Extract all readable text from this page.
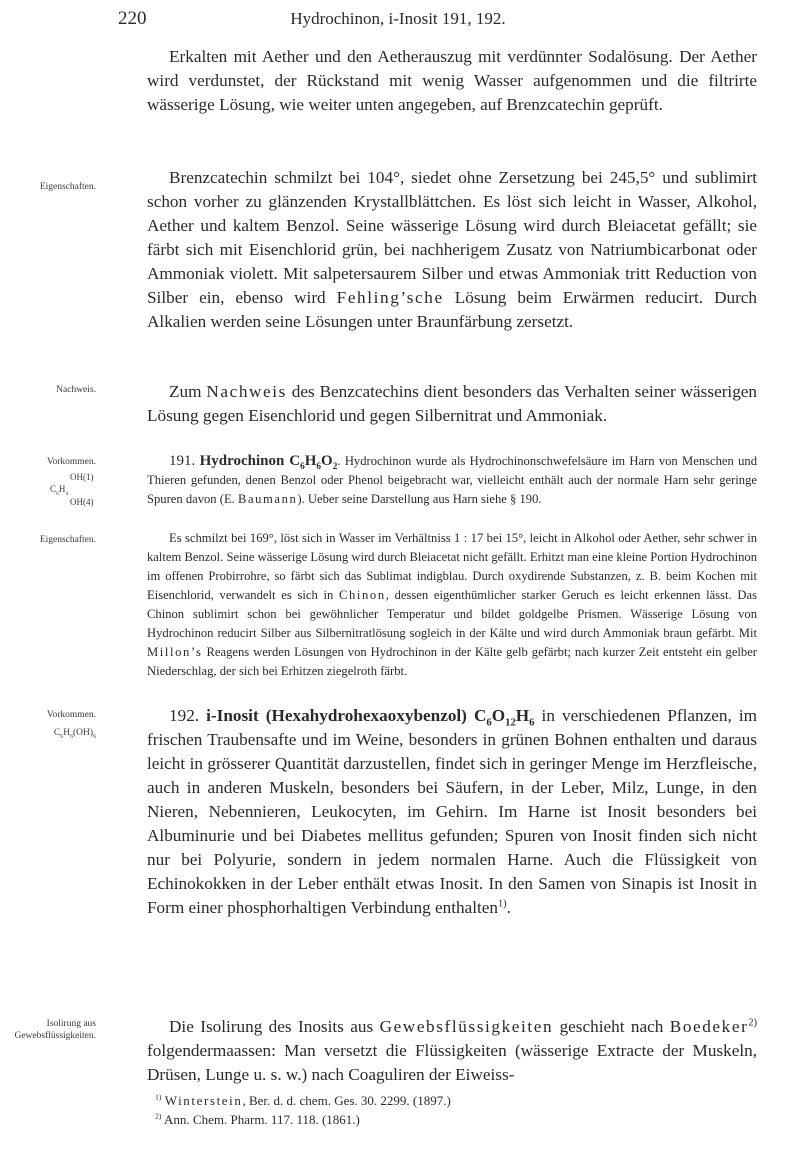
220	Hydrochinon, i-Inosit 191, 192.
Erkalten mit Aether und den Aetherauszug mit verdünnter Sodalösung. Der Aether wird verdunstet, der Rückstand mit wenig Wasser aufgenommen und die filtrirte wässerige Lösung, wie weiter unten angegeben, auf Brenzcatechin geprüft.
Eigenschaften.	Brenzcatechin schmilzt bei 104°, siedet ohne Zersetzung bei 245,5° und sublimirt schon vorher zu glänzenden Krystallblättchen. Es löst sich leicht in Wasser, Alkohol, Aether und kaltem Benzol. Seine wässerige Lösung wird durch Bleiacetat gefällt; sie färbt sich mit Eisenchlorid grün, bei nachherigem Zusatz von Natriumbicarbonat oder Ammoniak violett. Mit salpetersaurem Silber und etwas Ammoniak tritt Reduction von Silber ein, ebenso wird Fehling’sche Lösung beim Erwärmen reducirt. Durch Alkalien werden seine Lösungen unter Braunfärbung zersetzt.
Nachweis.	Zum Nachweis des Benzcatechins dient besonders das Verhalten seiner wässerigen Lösung gegen Eisenchlorid und gegen Silbernitrat und Ammoniak.
Vorkommen.
OH(1)
$C_6H_4$
OH(4)
191. Hydrochinon $C_6H_6O_2$. Hydrochinon wurde als Hydrochinonschwefelsäure im Harn von Menschen und Thieren gefunden, denen Benzol oder Phenol beigebracht war, vielleicht enthält auch der normale Harn sehr geringe Spuren davon (E. Baumann). Ueber seine Darstellung aus Harn siehe § 190.
Eigenschaften.	Es schmilzt bei 169°, löst sich in Wasser im Verhältniss 1 : 17 bei 15°, leicht in Alkohol oder Aether, sehr schwer in kaltem Benzol. Seine wässerige Lösung wird durch Bleiacetat nicht gefällt. Erhitzt man eine kleine Portion Hydrochinon im offenen Probirrohre, so färbt sich das Sublimat indigblau. Durch oxydirende Substanzen, z. B. beim Kochen mit Eisenchlorid, verwandelt es sich in Chinon, dessen eigenthümlicher starker Geruch es leicht erkennen lässt. Das Chinon sublimirt schon bei gewöhnlicher Temperatur und bildet goldgelbe Prismen. Wässerige Lösung von Hydrochinon reducirt Silber aus Silbernitratlösung sogleich in der Kälte und wird durch Ammoniak braun gefärbt. Mit Millon’s Reagens werden Lösungen von Hydrochinon in der Kälte gelb gefärbt; nach kurzer Zeit entsteht ein gelber Niederschlag, der sich bei Erhitzen ziegelroth färbt.
Vorkommen.
$C_6H_6(OH)_6$
192. i-Inosit (Hexahydrohexaoxybenzol) $C_6O_{12}H_6$ in verschiedenen Pflanzen, im frischen Traubensafte und im Weine, besonders in grünen Bohnen enthalten und daraus leicht in grösserer Quantität darzustellen, findet sich in geringer Menge im Herzfleische, auch in anderen Muskeln, besonders bei Säufern, in der Leber, Milz, Lunge, in den Nieren, Nebennieren, Leukocyten, im Gehirn. Im Harne ist Inosit besonders bei Albuminurie und bei Diabetes mellitus gefunden; Spuren von Inosit finden sich nicht nur bei Polyurie, sondern in jedem normalen Harne. Auch die Flüssigkeit von Echinokokken in der Leber enthält etwas Inosit. In den Samen von Sinapis ist Inosit in Form einer phosphorhaltigen Verbindung enthalten$^{1)}$.
Isolirung aus Gewebsflüssigkeiten.	Die Isolirung des Inosits aus Gewebsflüssigkeiten geschieht nach Boedeker$^{2)}$ folgendermaassen: Man versetzt die Flüssigkeiten (wässerige Extracte der Muskeln, Drüsen, Lunge u. s. w.) nach Coaguliren der Eiweiss-
$^{1)}$ Winterstein, Ber. d. d. chem. Ges. 30. 2299. (1897.)
$^{2)}$ Ann. Chem. Pharm. 117. 118. (1861.)
